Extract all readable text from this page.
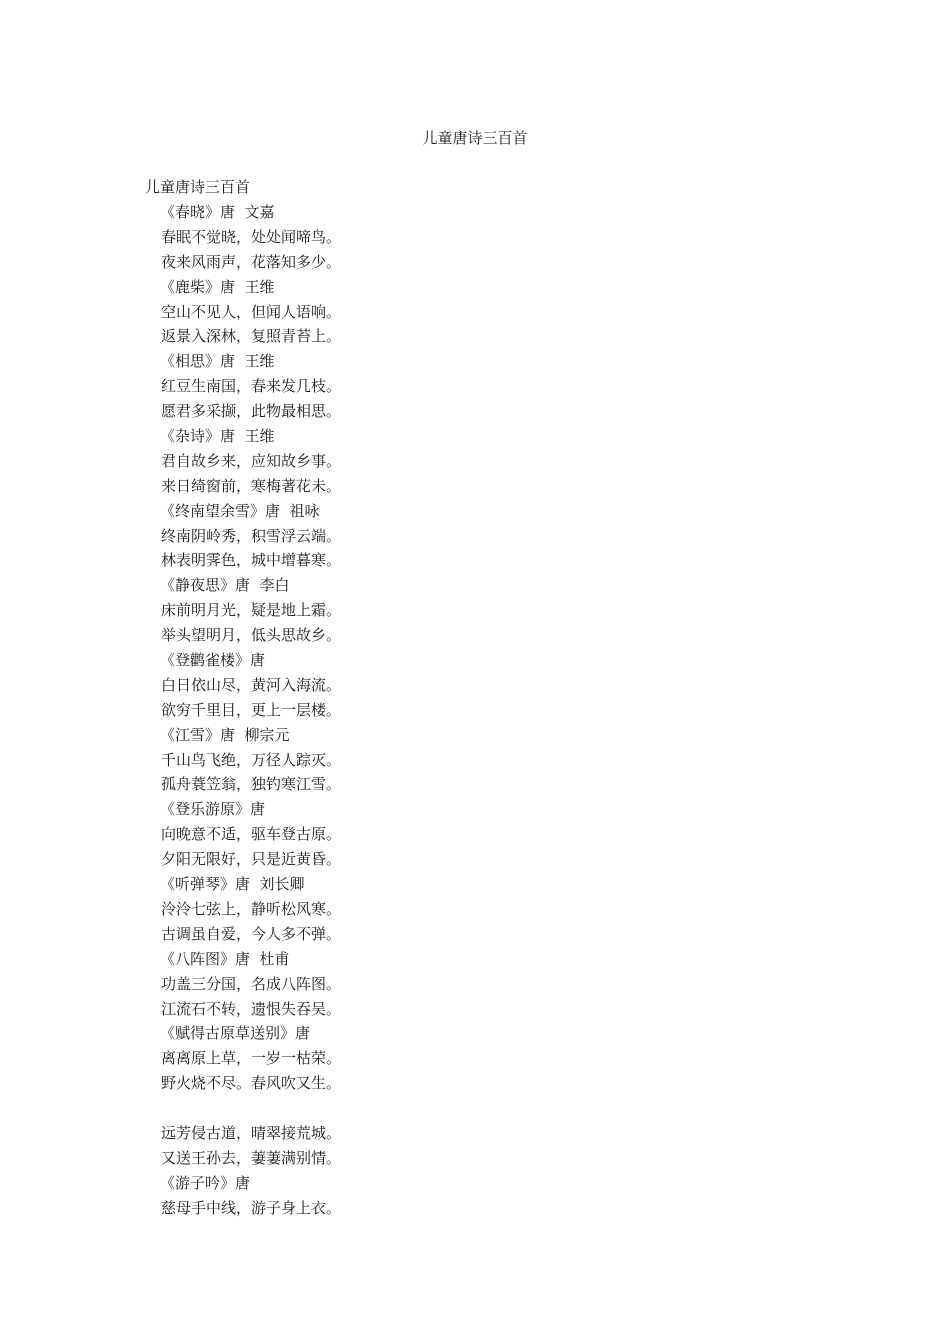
儿童唐诗三百首
儿童唐诗三百首
《春晓》唐  文嘉
春眠不觉晓，处处闻啼鸟。
夜来风雨声，花落知多少。
《鹿柴》唐  王维
空山不见人，但闻人语响。
返景入深林，复照青苔上。
《相思》唐  王维
红豆生南国，春来发几枝。
愿君多采撷，此物最相思。
《杂诗》唐  王维
君自故乡来，应知故乡事。
来日绮窗前，寒梅著花未。
《终南望余雪》唐  祖咏
终南阴岭秀，积雪浮云端。
林表明霁色，城中增暮寒。
《静夜思》唐  李白
床前明月光，疑是地上霜。
举头望明月，低头思故乡。
《登鹳雀楼》唐
白日依山尽，黄河入海流。
欲穷千里目，更上一层楼。
《江雪》唐  柳宗元
千山鸟飞绝，万径人踪灭。
孤舟蓑笠翁，独钓寒江雪。
《登乐游原》唐
向晚意不适，驱车登古原。
夕阳无限好，只是近黄昏。
《听弹琴》唐  刘长卿
泠泠七弦上，静听松风寒。
古调虽自爱，今人多不弹。
《八阵图》唐  杜甫
功盖三分国，名成八阵图。
江流石不转，遗恨失吞吴。
《赋得古原草送别》唐
离离原上草，一岁一枯荣。
野火烧不尽。春风吹又生。
远芳侵古道，晴翠接荒城。
又送王孙去，萋萋满别情。
《游子吟》唐
慈母手中线，游子身上衣。
